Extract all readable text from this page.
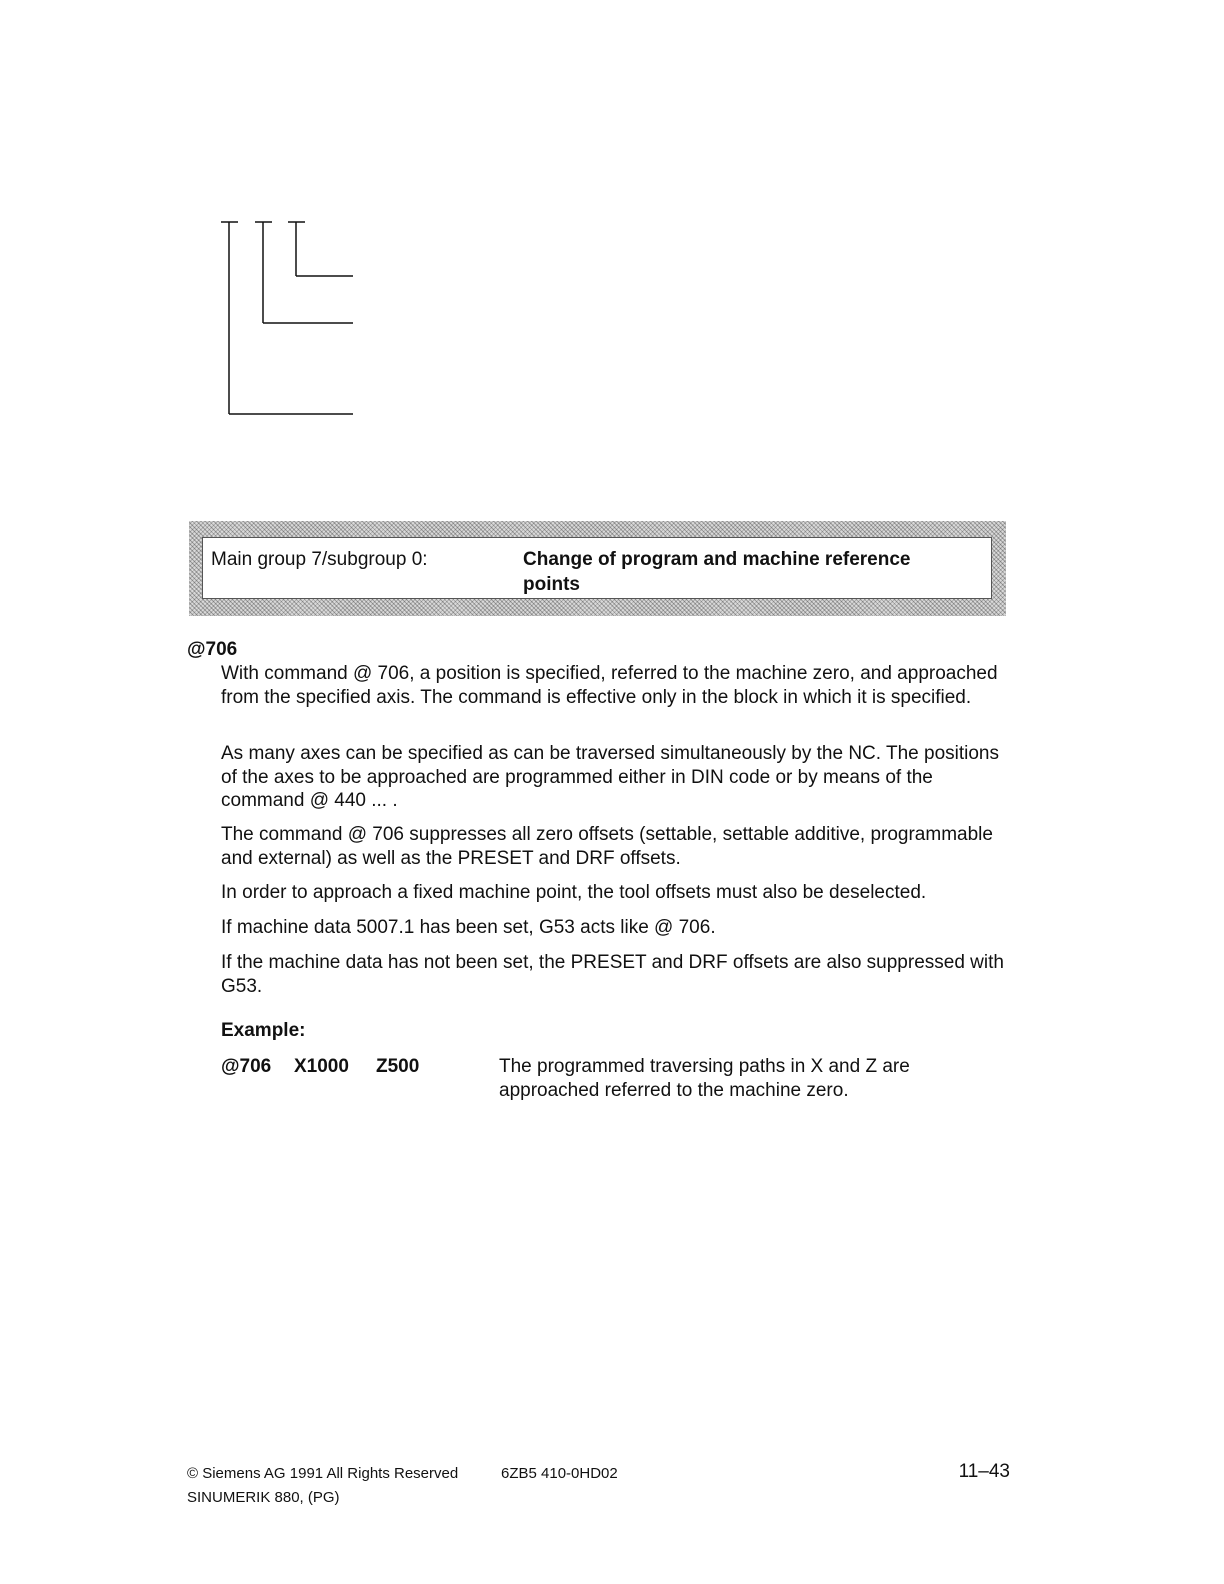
Main group 7/subgroup 0:	Change of program and machine reference points
@706

With command @ 706, a position is specified, referred to the machine zero, and approached from the specified axis. The command is effective only in the block in which it is specified.

As many axes can be specified as can be traversed simultaneously by the NC. The positions of the axes to be approached are programmed either in DIN code or by means of the command @ 440 ... .

The command @ 706 suppresses all zero offsets (settable, settable additive, programmable and external) as well as the PRESET and DRF offsets.

In order to approach a fixed machine point, the tool offsets must also be deselected.

If machine data 5007.1 has been set, G53 acts like @ 706.

If the machine data has not been set, the PRESET and DRF offsets are also suppressed with G53.

Example:
@706 X1000 Z500	The programmed traversing paths in X and Z are approached referred to the machine zero.
© Siemens AG 1991 All Rights Reserved	6ZB5 410-0HD02
SINUMERIK 880, (PG)
11–43
